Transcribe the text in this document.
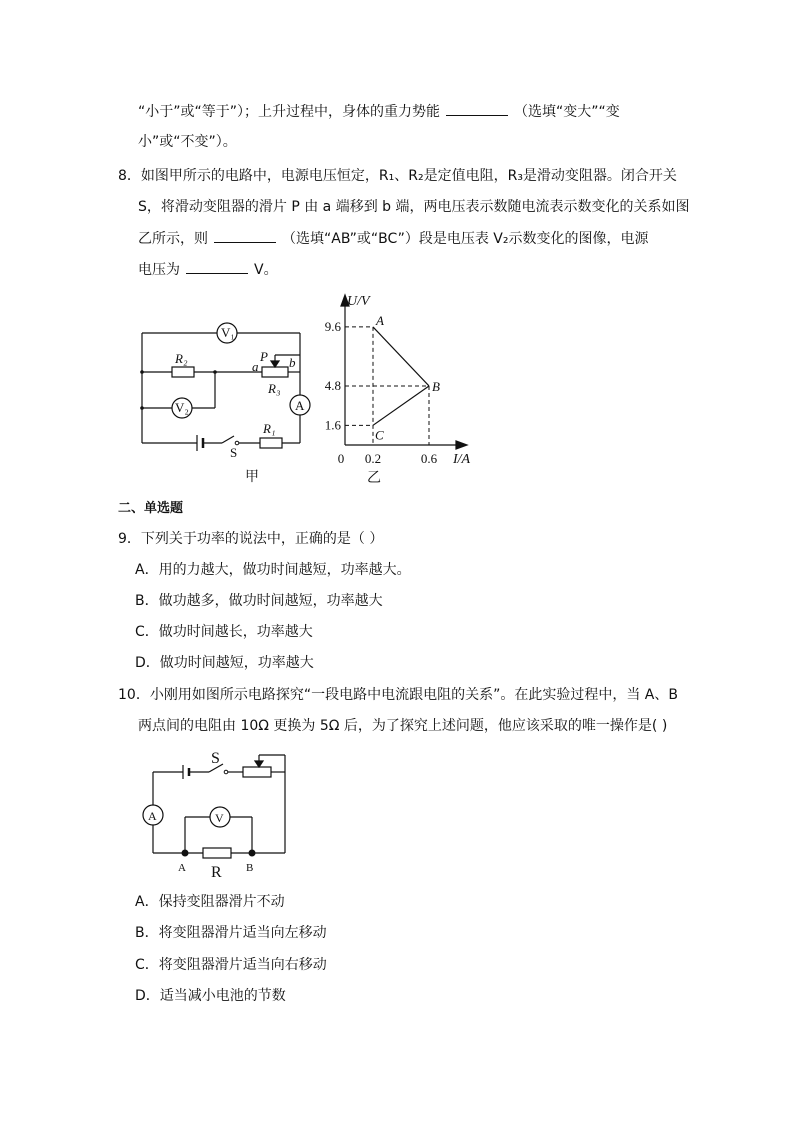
“小于”或“等于”）；上升过程中，身体的重力势能	（选填“变大”“变
小”或“不变”）。
8．如图甲所示的电路中，电源电压恒定，R₁、R₂是定值电阻，R₃是滑动变阻器。闭合开关
S，将滑动变阻器的滑片 P 由 a 端移到 b 端，两电压表示数随电流表示数变化的关系如图
乙所示，则	（选填“AB”或“BC”）段是电压表 V₂示数变化的图像，电源
电压为	V。
V₁
R₂	P
a b
R₃
V₂	A
R₁
S
甲
A
B
C
1.6
4.8
9.6
0 0.2	0.6
U/V
I/A
乙
二、单选题
9．下列关于功率的说法中，正确的是（ ）
A．用的力越大，做功时间越短，功率越大。
B．做功越多，做功时间越短，功率越大
C．做功时间越长，功率越大
D．做功时间越短，功率越大
10．小刚用如图所示电路探究“一段电路中电流跟电阻的关系”。在此实验过程中，当 A、B
两点间的电阻由 10Ω 更换为 5Ω 后，为了探究上述问题，他应该采取的唯一操作是( )
S
A	V
A	B
R
A．保持变阻器滑片不动
B．将变阻器滑片适当向左移动
C．将变阻器滑片适当向右移动
D．适当减小电池的节数
